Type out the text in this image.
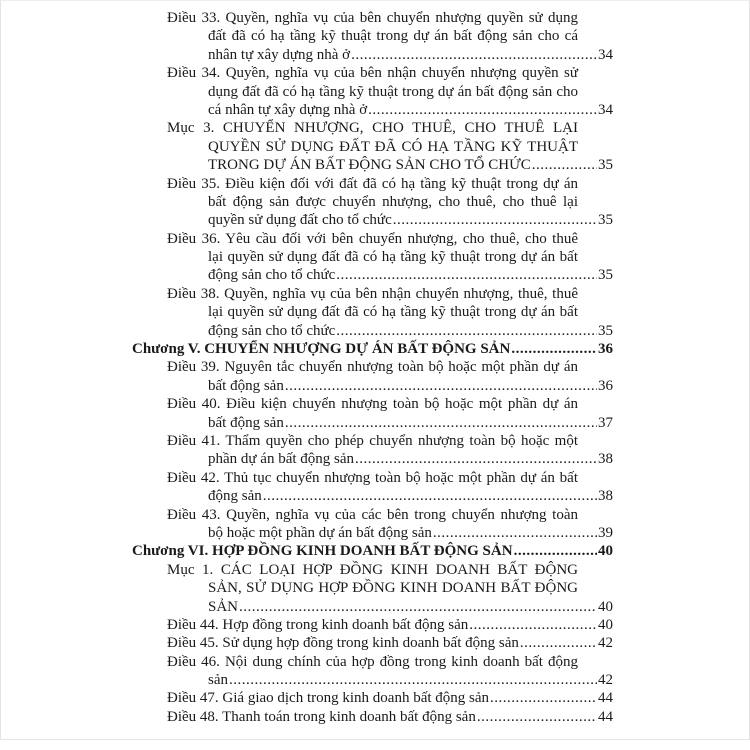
Điều 33. Quyền, nghĩa vụ của bên chuyển nhượng quyền sử dụng
đất đã có hạ tầng kỹ thuật trong dự án bất động sản cho cá
nhân tự xây dựng nhà ở .....	34
Điều 34. Quyền, nghĩa vụ của bên nhận chuyển nhượng quyền sử
dụng đất đã có hạ tầng kỹ thuật trong dự án bất động sản cho
cá nhân tự xây dựng nhà ở .....	34
Mục 3. CHUYỂN NHƯỢNG, CHO THUÊ, CHO THUÊ LẠI
QUYỀN SỬ DỤNG ĐẤT ĐÃ CÓ HẠ TẦNG KỸ THUẬT
TRONG DỰ ÁN BẤT ĐỘNG SẢN CHO TỔ CHỨC .....	35
Điều 35. Điều kiện đối với đất đã có hạ tầng kỹ thuật trong dự án
bất động sản được chuyển nhượng, cho thuê, cho thuê lại
quyền sử dụng đất cho tổ chức .....	35
Điều 36. Yêu cầu đối với bên chuyển nhượng, cho thuê, cho thuê
lại quyền sử dụng đất đã có hạ tầng kỹ thuật trong dự án bất
động sản cho tổ chức .....	35
Điều 38. Quyền, nghĩa vụ của bên nhận chuyển nhượng, thuê, thuê
lại quyền sử dụng đất đã có hạ tầng kỹ thuật trong dự án bất
động sản cho tổ chức .....	35
Chương V. CHUYỂN NHƯỢNG DỰ ÁN BẤT ĐỘNG SẢN .....	36
Điều 39. Nguyên tắc chuyển nhượng toàn bộ hoặc một phần dự án
bất động sản .....	36
Điều 40. Điều kiện chuyển nhượng toàn bộ hoặc một phần dự án
bất động sản .....	37
Điều 41. Thẩm quyền cho phép chuyển nhượng toàn bộ hoặc một
phần dự án bất động sản .....	38
Điều 42. Thủ tục chuyển nhượng toàn bộ hoặc một phần dự án bất
động sản .....	38
Điều 43. Quyền, nghĩa vụ của các bên trong chuyển nhượng toàn
bộ hoặc một phần dự án bất động sản .....	39
Chương VI. HỢP ĐỒNG KINH DOANH BẤT ĐỘNG SẢN .....	40
Mục 1. CÁC LOẠI HỢP ĐỒNG KINH DOANH BẤT ĐỘNG
SẢN, SỬ DỤNG HỢP ĐỒNG KINH DOANH BẤT ĐỘNG
SẢN .....	40
Điều 44. Hợp đồng trong kinh doanh bất động sản .....	40
Điều 45. Sử dụng hợp đồng trong kinh doanh bất động sản .....	42
Điều 46. Nội dung chính của hợp đồng trong kinh doanh bất động
sản .....	42
Điều 47. Giá giao dịch trong kinh doanh bất động sản .....	44
Điều 48. Thanh toán trong kinh doanh bất động sản .....	44
